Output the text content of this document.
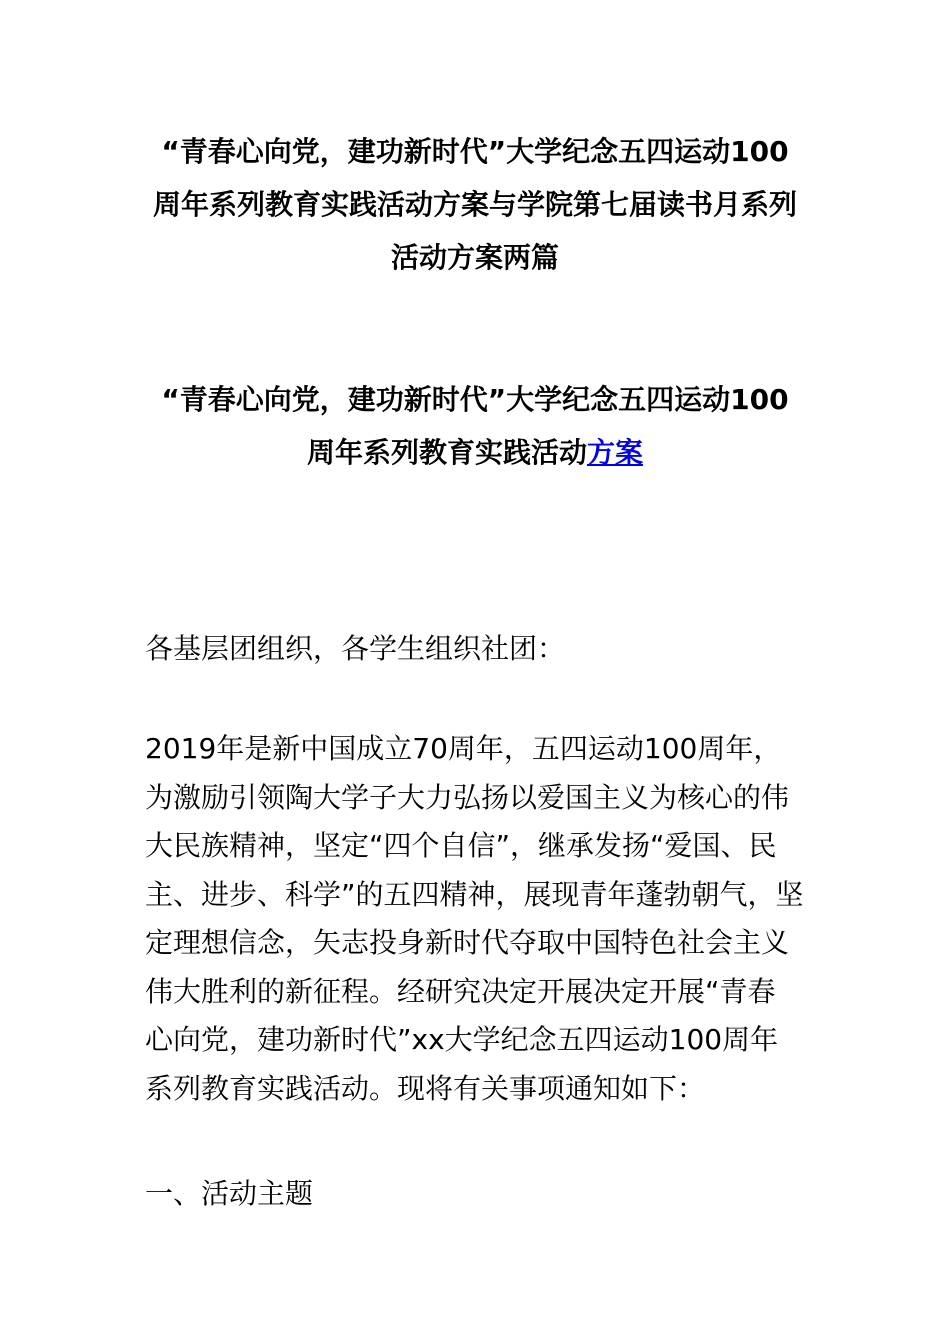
“青春心向党，建功新时代”大学纪念五四运动100
周年系列教育实践活动方案与学院第七届读书月系列
活动方案两篇
“青春心向党，建功新时代”大学纪念五四运动100
周年系列教育实践活动方案

各基层团组织，各学生组织社团：

2019年是新中国成立70周年，五四运动100周年，
为激励引领陶大学子大力弘扬以爱国主义为核心的伟
大民族精神，坚定“四个自信”，继承发扬“爱国、民
主、进步、科学”的五四精神，展现青年蓬勃朝气，坚
定理想信念，矢志投身新时代夺取中国特色社会主义
伟大胜利的新征程。经研究决定开展决定开展“青春
心向党，建功新时代”xx大学纪念五四运动100周年
系列教育实践活动。现将有关事项通知如下：

一、活动主题
